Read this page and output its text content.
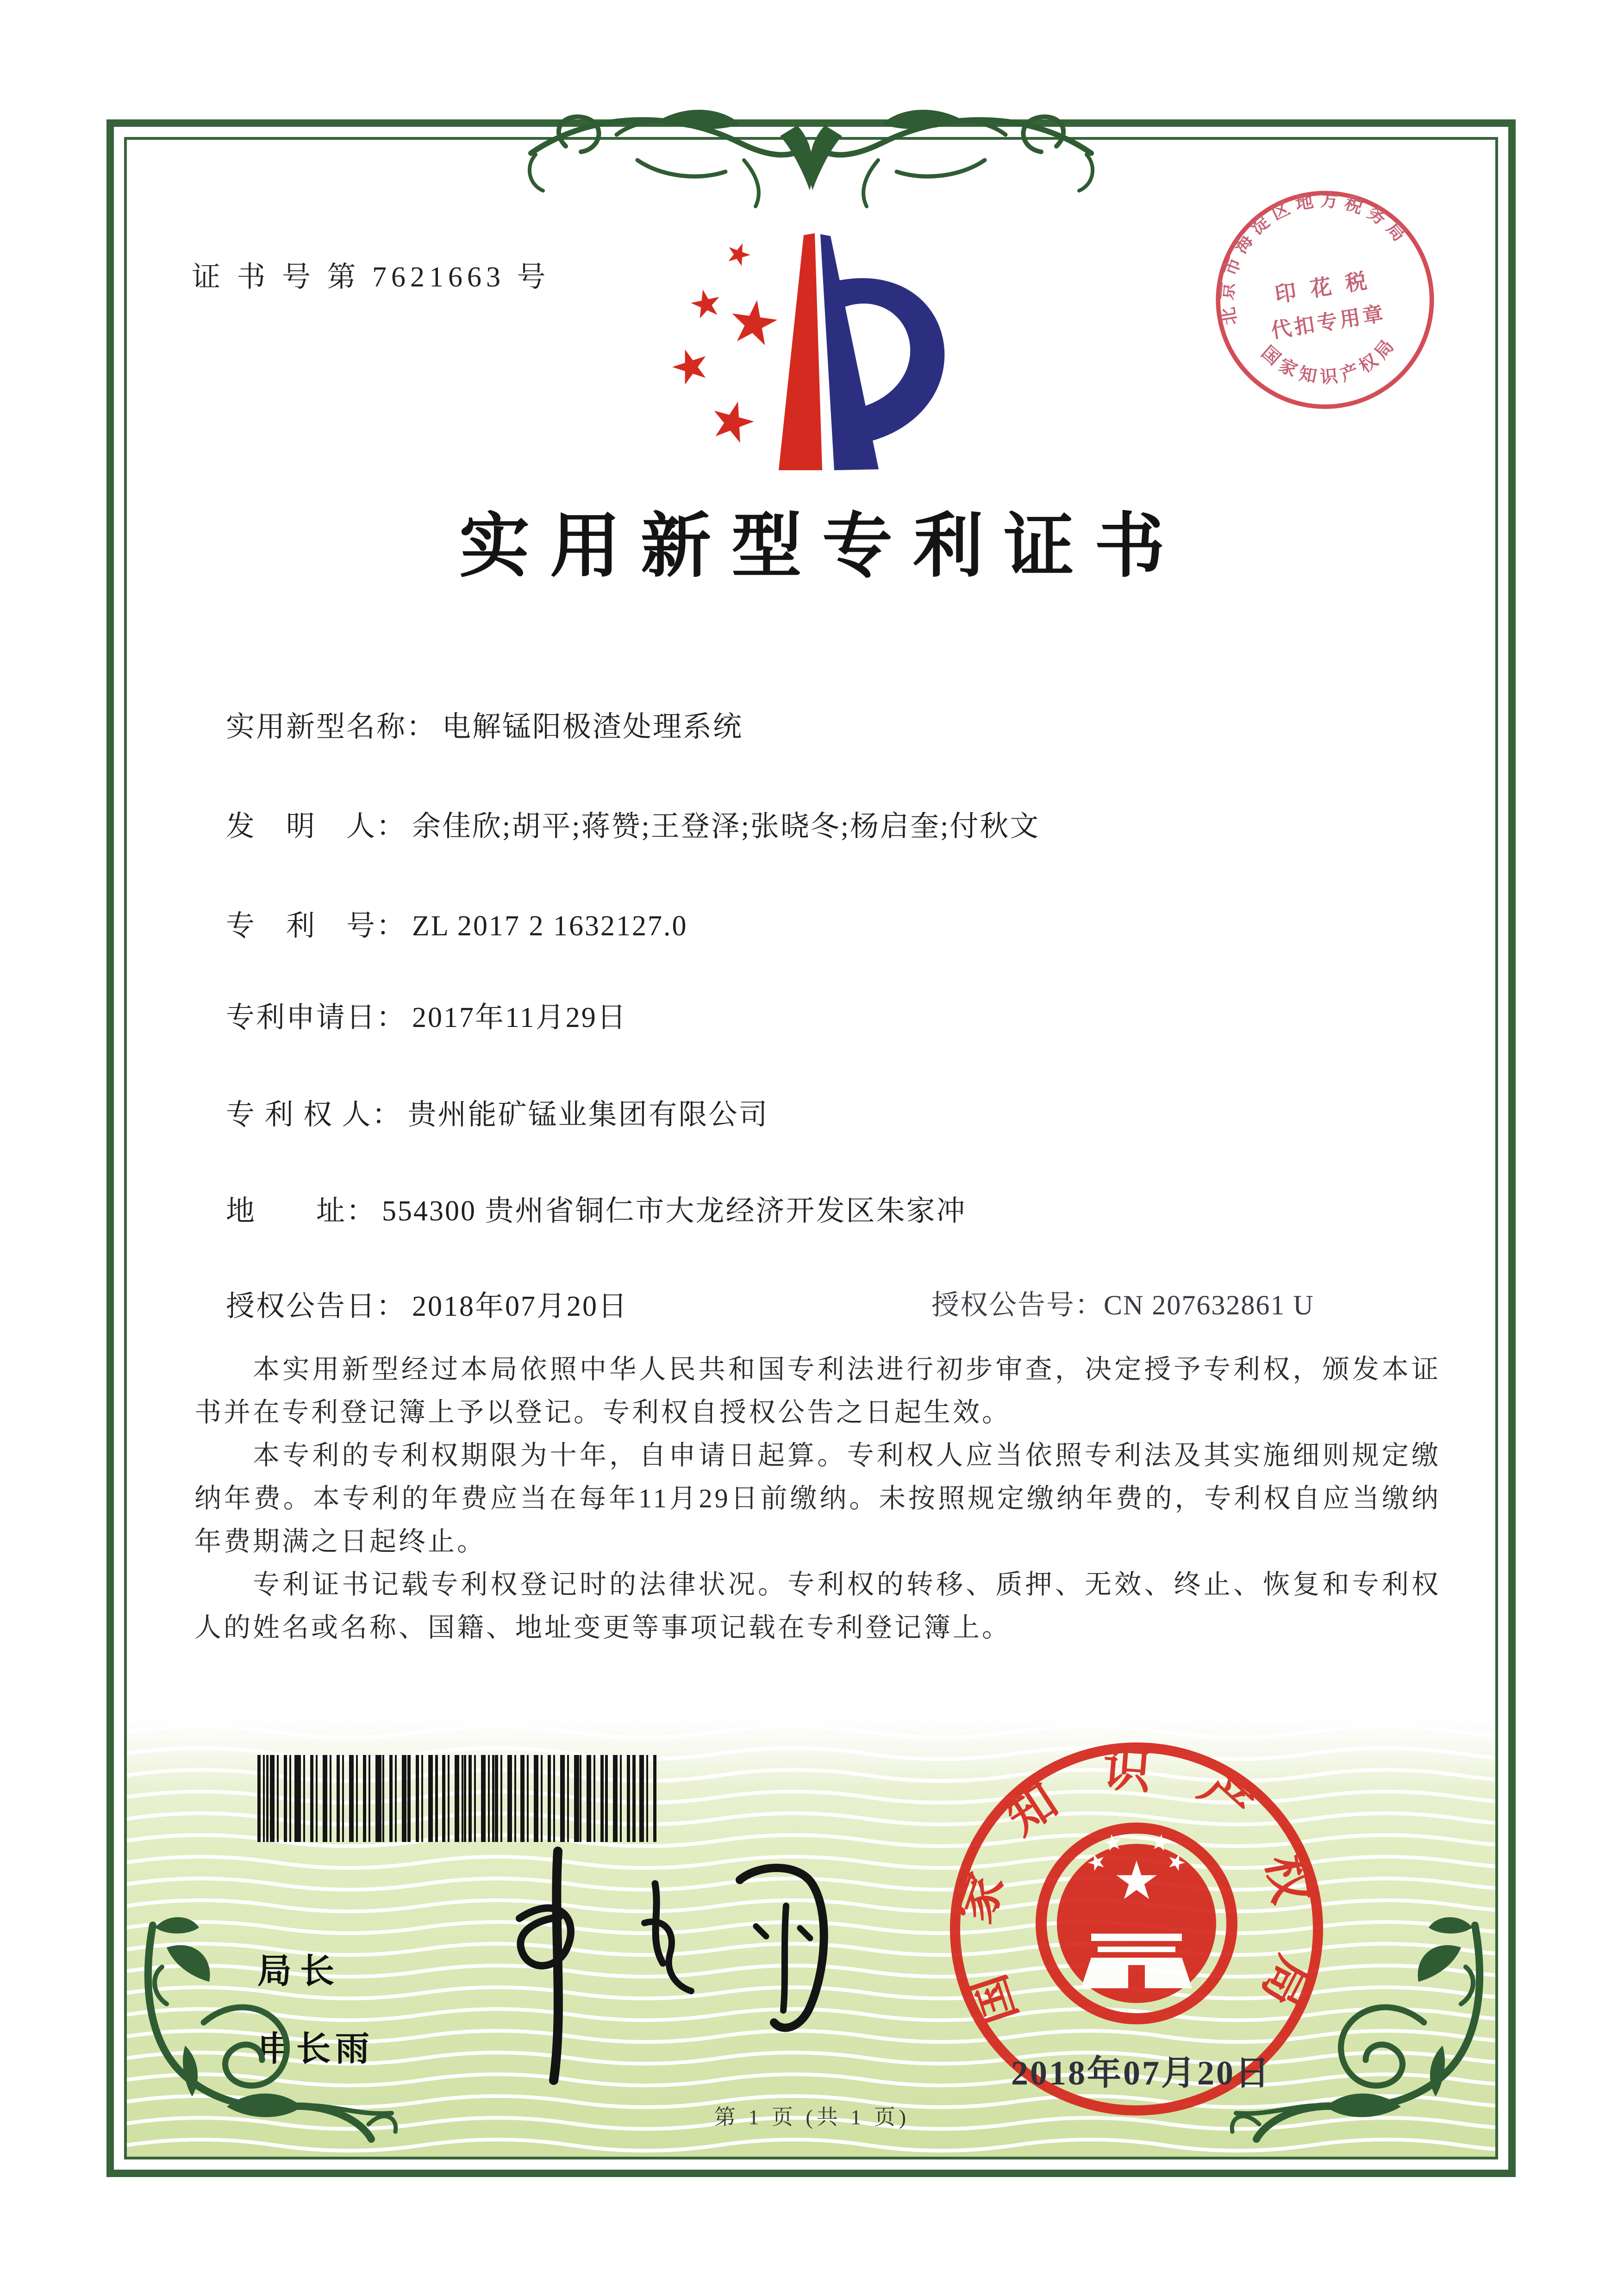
证 书 号 第 7621663 号
北京市海淀区地方税务局
国家知识产权局
印 花 税
代扣专用章
实用新型专利证书
实用新型名称： 电解锰阳极渣处理系统
发　明　人： 余佳欣;胡平;蒋赞;王登泽;张晓冬;杨启奎;付秋文
专　利　号： ZL 2017 2 1632127.0
专利申请日： 2017年11月29日
专 利 权 人： 贵州能矿锰业集团有限公司
地　　址： 554300 贵州省铜仁市大龙经济开发区朱家冲
授权公告日： 2018年07月20日	授权公告号：CN 207632861 U

本实用新型经过本局依照中华人民共和国专利法进行初步审查，决定授予专利权，颁发本证书并在专利登记簿上予以登记。专利权自授权公告之日起生效。

本专利的专利权期限为十年，自申请日起算。专利权人应当依照专利法及其实施细则规定缴纳年费。本专利的年费应当在每年11月29日前缴纳。未按照规定缴纳年费的，专利权自应当缴纳年费期满之日起终止。

专利证书记载专利权登记时的法律状况。专利权的转移、质押、无效、终止、恢复和专利权人的姓名或名称、国籍、地址变更等事项记载在专利登记簿上。

局长
申长雨
国家知识产权局
2018年07月20日
第 1 页 (共 1 页)
